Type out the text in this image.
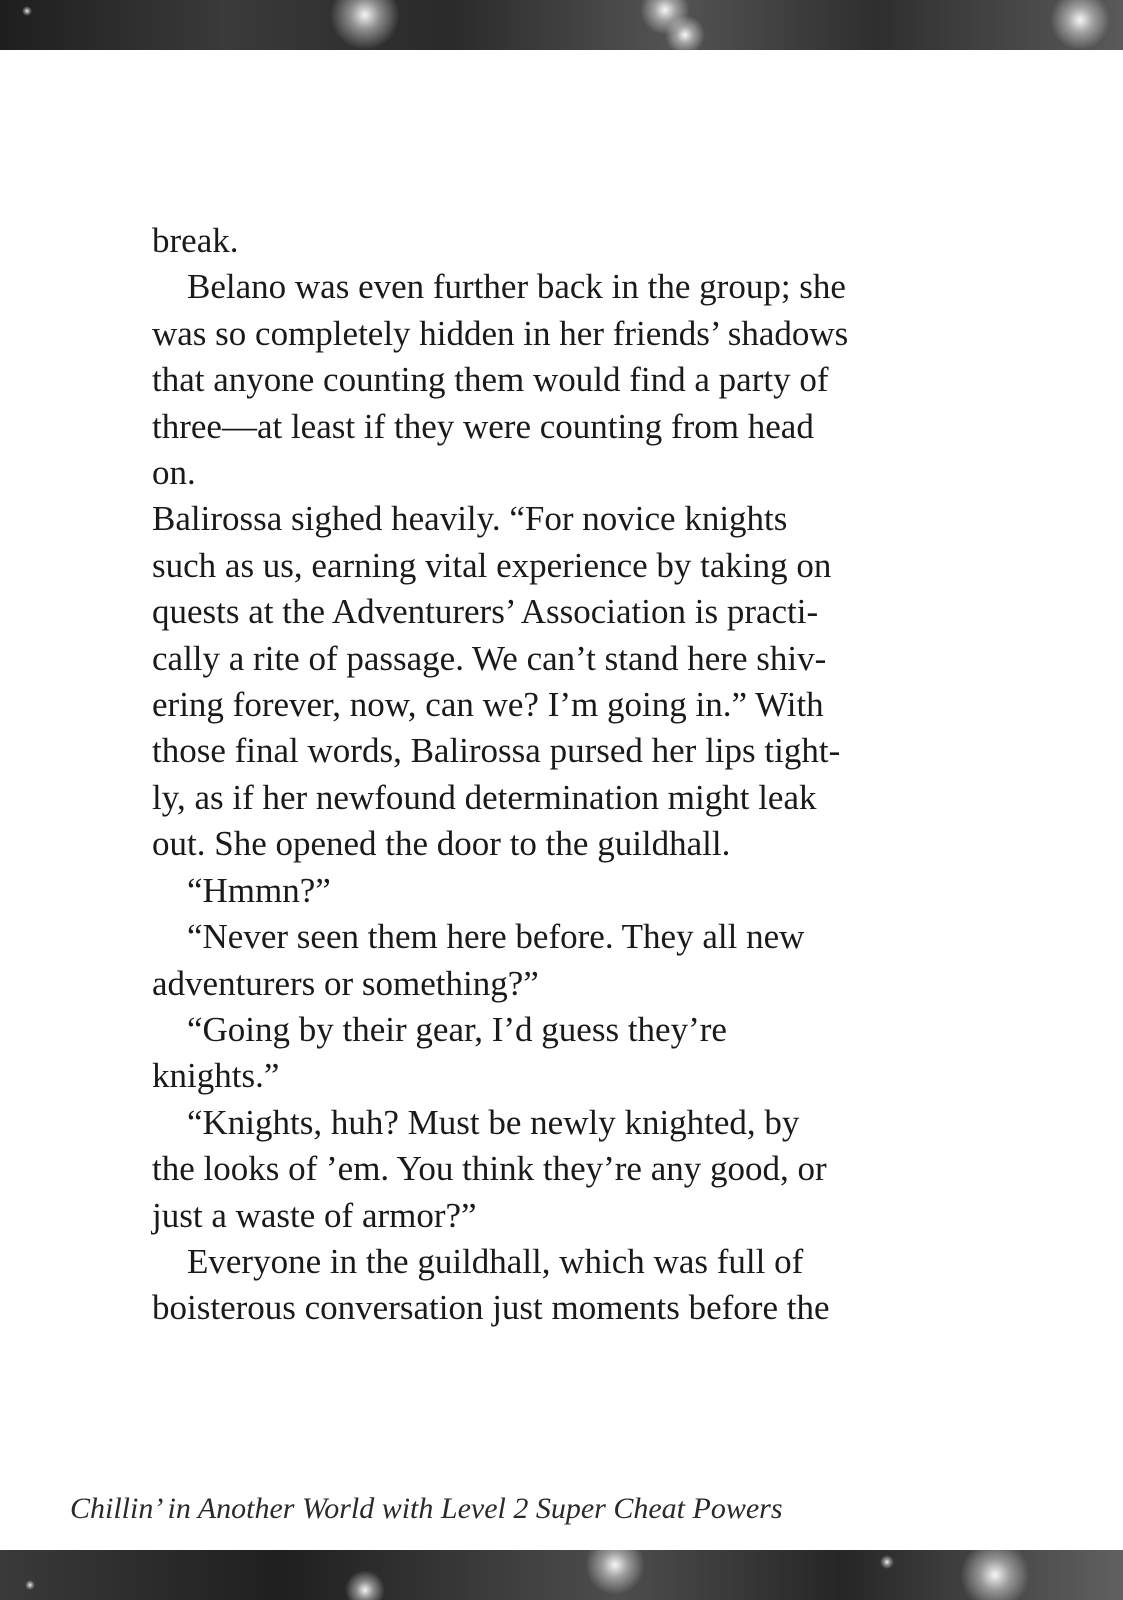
break.

Belano was even further back in the group; she

was so completely hidden in her friends’ shadows

that anyone counting them would find a party of

three—at least if they were counting from head

on.

Balirossa sighed heavily. “For novice knights

such as us, earning vital experience by taking on

quests at the Adventurers’ Association is practi-

cally a rite of passage. We can’t stand here shiv-

ering forever, now, can we? I’m going in.” With

those final words, Balirossa pursed her lips tight-

ly, as if her newfound determination might leak

out. She opened the door to the guildhall.

“Hmmn?”

“Never seen them here before. They all new

adventurers or something?”

“Going by their gear, I’d guess they’re

knights.”

“Knights, huh? Must be newly knighted, by

the looks of ’em. You think they’re any good, or

just a waste of armor?”

Everyone in the guildhall, which was full of

boisterous conversation just moments before the

Chillin’ in Another World with Level 2 Super Cheat Powers
